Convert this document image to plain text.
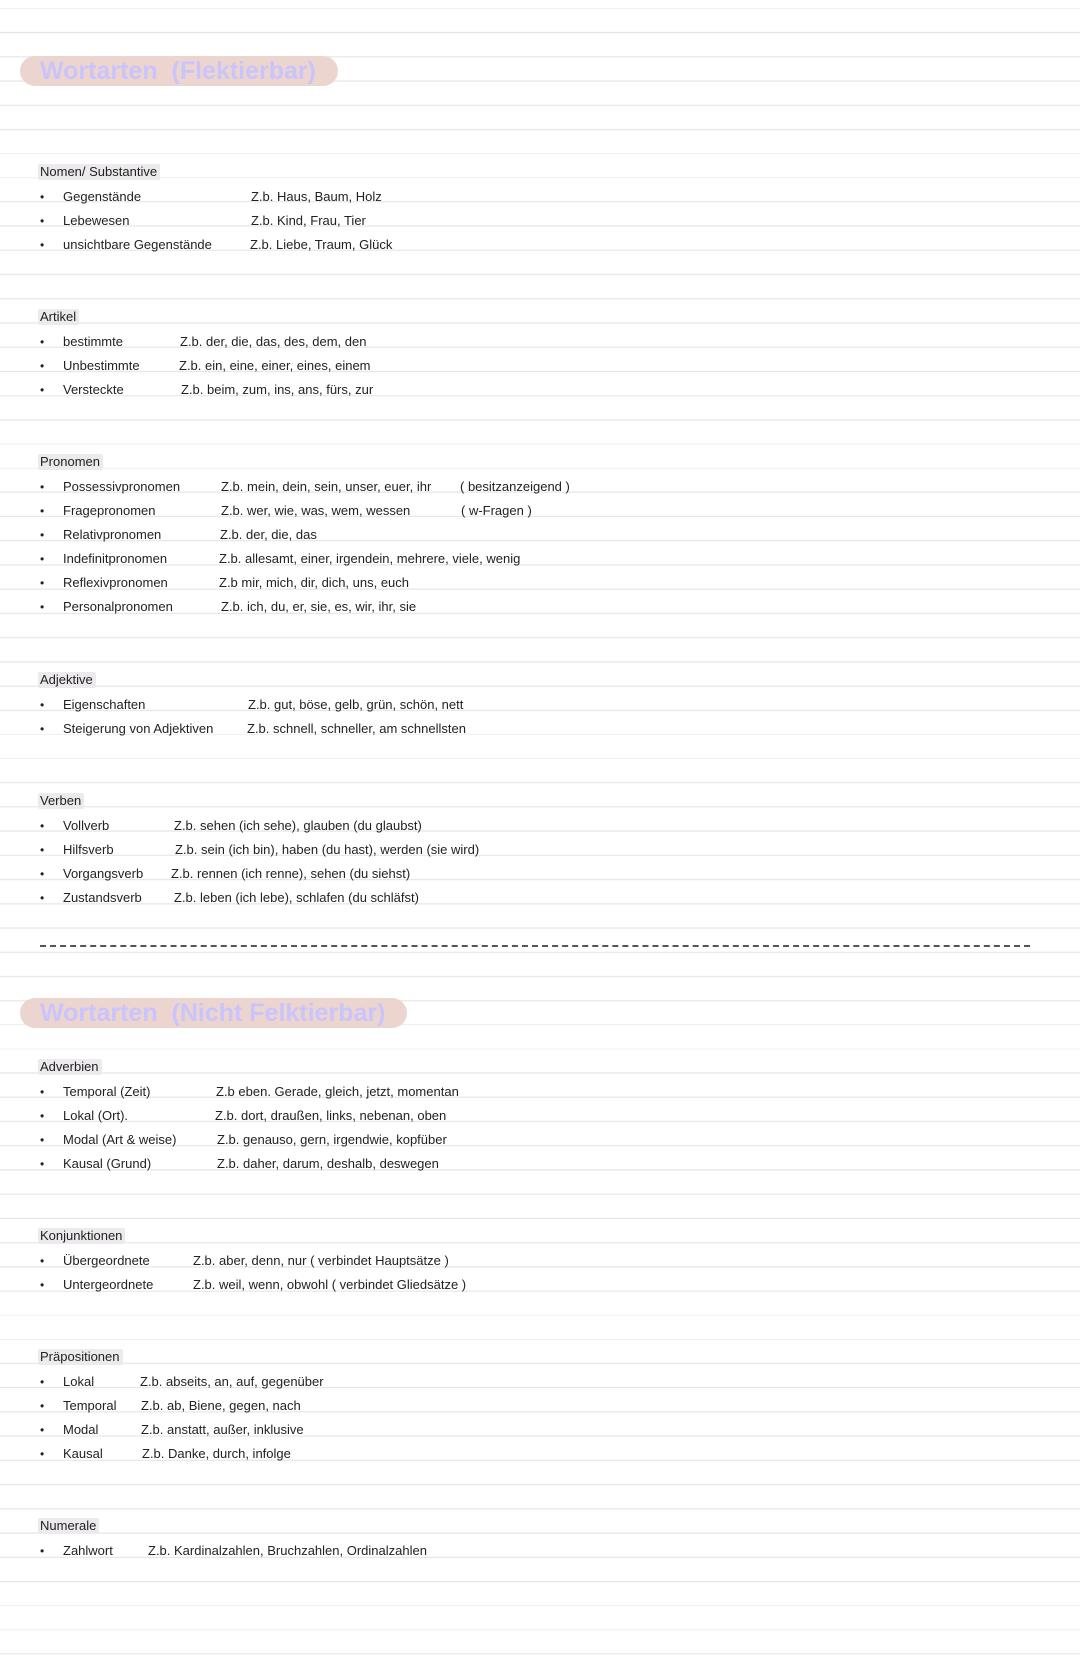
Wortarten  (Flektierbar)
Nomen/ Substantive
• Gegenstände	Z.b. Haus, Baum, Holz
• Lebewesen	Z.b. Kind, Frau, Tier
• unsichtbare Gegenstände	Z.b. Liebe, Traum, Glück
Artikel
• bestimmte	Z.b. der, die, das, des, dem, den
• Unbestimmte	Z.b. ein, eine, einer, eines, einem
• Versteckte	Z.b. beim, zum, ins, ans, fürs, zur
Pronomen
• Possessivpronomen	Z.b. mein, dein, sein, unser, euer, ihr ( besitzanzeigend )
• Fragepronomen	Z.b. wer, wie, was, wem, wessen	( w-Fragen )
• Relativpronomen	Z.b. der, die, das
• Indefinitpronomen	Z.b. allesamt, einer, irgendein, mehrere, viele, wenig
• Reflexivpronomen	Z.b mir, mich, dir, dich, uns, euch
• Personalpronomen	Z.b. ich, du, er, sie, es, wir, ihr, sie
Adjektive
• Eigenschaften	Z.b. gut, böse, gelb, grün, schön, nett
• Steigerung von Adjektiven	Z.b. schnell, schneller, am schnellsten
Verben
• Vollverb	Z.b. sehen (ich sehe), glauben (du glaubst)
• Hilfsverb	Z.b. sein (ich bin), haben (du hast), werden (sie wird)
• Vorgangsverb Z.b. rennen (ich renne), sehen (du siehst)
• Zustandsverb Z.b. leben (ich lebe), schlafen (du schläfst)
Wortarten  (Nicht Felktierbar)
Adverbien
• Temporal (Zeit)	Z.b eben. Gerade, gleich, jetzt, momentan
• Lokal (Ort).	Z.b. dort, draußen, links, nebenan, oben
• Modal (Art & weise)	Z.b. genauso, gern, irgendwie, kopfüber
• Kausal (Grund)	Z.b. daher, darum, deshalb, deswegen
Konjunktionen
• Übergeordnete	Z.b. aber, denn, nur ( verbindet Hauptsätze )
• Untergeordnete	Z.b. weil, wenn, obwohl ( verbindet Gliedsätze )
Präpositionen
• Lokal	Z.b. abseits, an, auf, gegenüber
• Temporal Z.b. ab, Biene, gegen, nach
• Modal	Z.b. anstatt, außer, inklusive
• Kausal	Z.b. Danke, durch, infolge
Numerale
• Zahlwort	Z.b. Kardinalzahlen, Bruchzahlen, Ordinalzahlen
